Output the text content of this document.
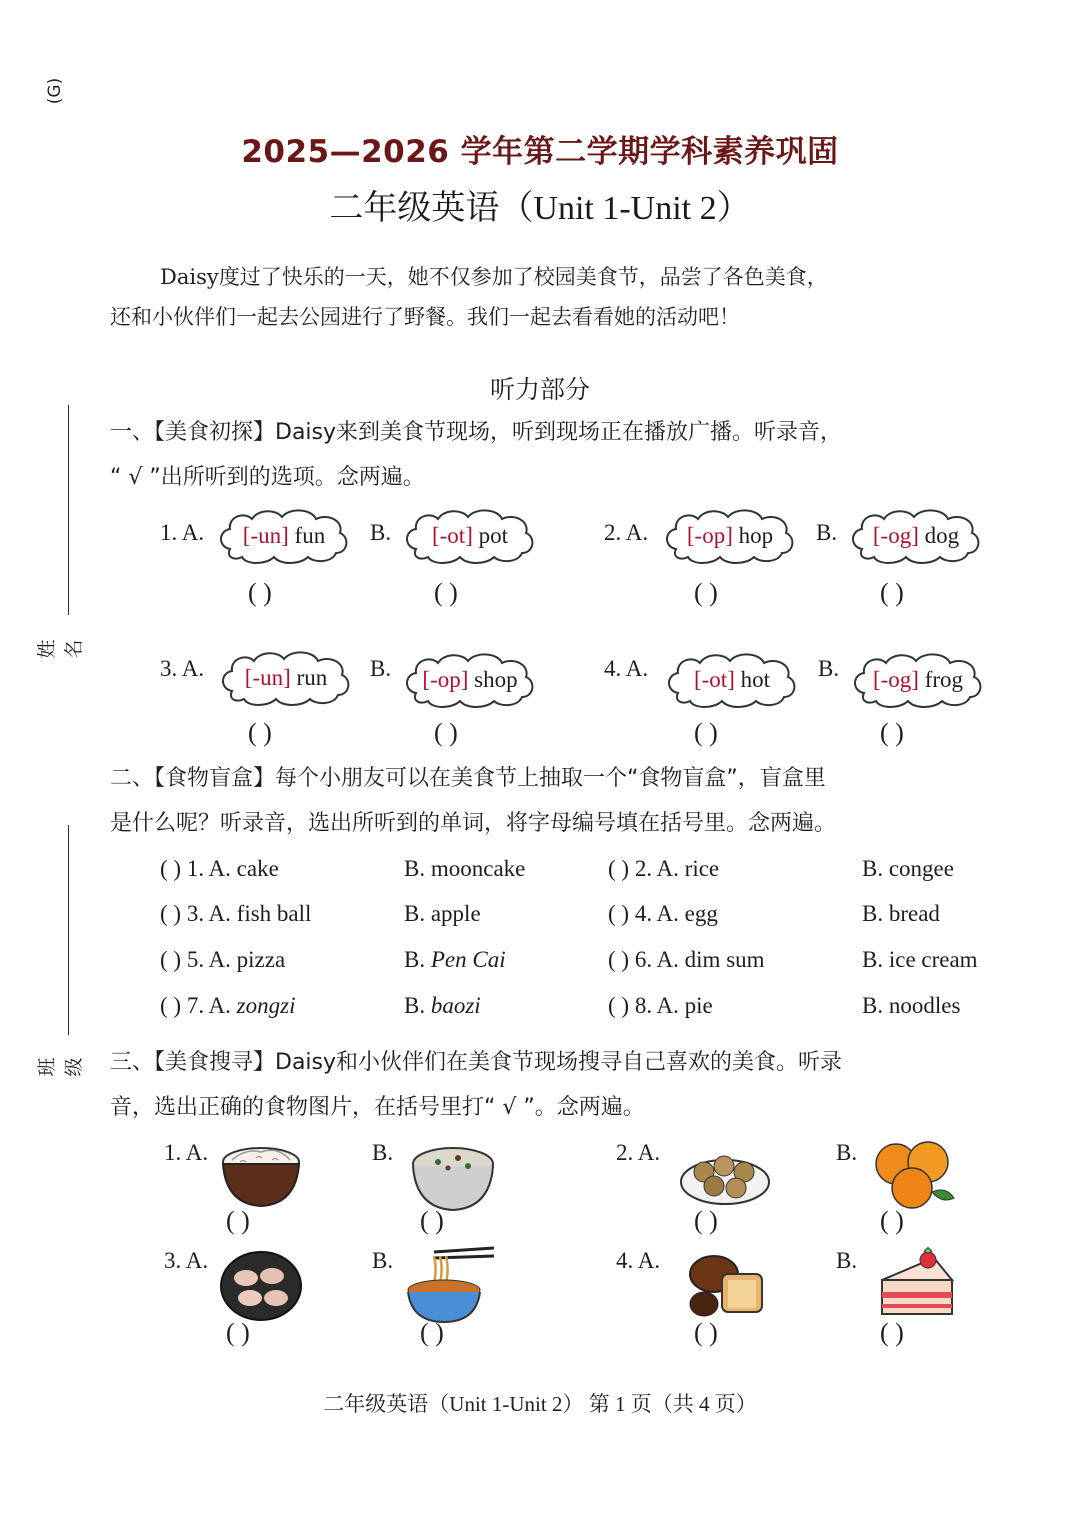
(G)
2025—2026 学年第二学期学科素养巩固
二年级英语（Unit 1-Unit 2）
Daisy度过了快乐的一天，她不仅参加了校园美食节，品尝了各色美食，
还和小伙伴们一起去公园进行了野餐。我们一起去看看她的活动吧！
听力部分
姓名
班级
一、【美食初探】Daisy来到美食节现场，听到现场正在播放广播。听录音，
“ √ ”出所听到的选项。念两遍。
1. A.	[-un] fun	B.	[-ot] pot	2. A.	[-op] hop	B.	[-og] dog
( )	( )	( )	( )
3. A.	[-un] run	B.	[-op] shop	4. A.	[-ot] hot	B.	[-og] frog
( )	( )	( )	( )
二、【食物盲盒】每个小朋友可以在美食节上抽取一个“食物盲盒”，盲盒里
是什么呢？听录音，选出所听到的单词，将字母编号填在括号里。念两遍。
( ) 1. A. cake	B. mooncake	( ) 2. A. rice	B. congee
( ) 3. A. fish ball	B. apple	( ) 4. A. egg	B. bread
( ) 5. A. pizza	B. Pen Cai	( ) 6. A. dim sum	B. ice cream
( ) 7. A. zongzi	B. baozi	( ) 8. A. pie	B. noodles
三、【美食搜寻】Daisy和小伙伴们在美食节现场搜寻自己喜欢的美食。听录
音，选出正确的食物图片，在括号里打“ √ ”。念两遍。
1. A.	B.	2. A.	B.
( )	( )	( )	( )
3. A.	B.	4. A.	B.
( )	( )	( )	( )
二年级英语（Unit 1-Unit 2） 第 1 页（共 4 页）
